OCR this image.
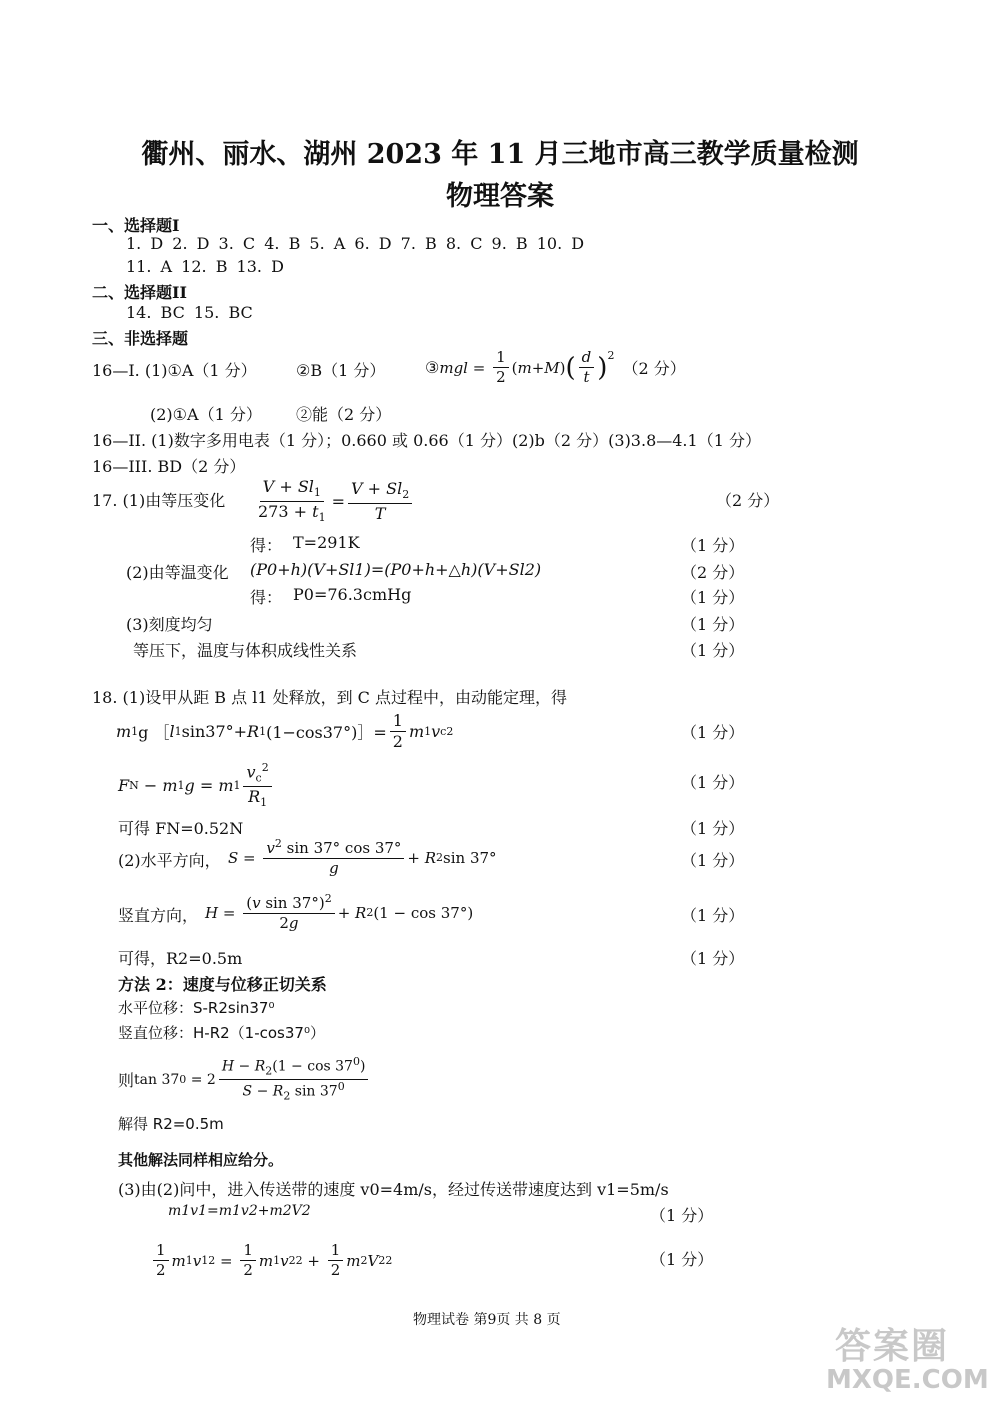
衢州、丽水、湖州 2023 年 11 月三地市高三教学质量检测
物理答案
一、选择题I
1. D 2. D 3. C 4. B 5. A 6. D 7. B 8. C 9. B 10. D
11. A 12. B 13. D
二、选择题II
14. BC 15. BC
三、非选择题
16—I. (1)①A（1 分） ②B（1 分） ③ mgl = $\frac{1}{2}$ ( m + M ) ( $\frac{d}{t} )^2$
（2 分）
(2)①A（1 分） ②能（2 分）
16—II. (1)数字多用电表（1 分）；0.660 或 0.66（1 分）(2)b（2 分）(3)3.8—4.1（1 分）
16—III. BD（2 分）
17. (1)由等压变化 $\frac{V + Sl_1}{273 + t_1} = \frac{V + Sl_2}{T}$	（2 分）
得： T=291K	（1 分）
(2)由等温变化 (P0+h)(V+Sl1)=(P0+h+△h)(V+Sl2)	（2 分）
得： P0=76.3cmHg	（1 分）
(3)刻度均匀	（1 分）
等压下，温度与体积成线性关系	（1 分）
18. (1)设甲从距 B 点 l1 处释放，到 C 点过程中，由动能定理，得
m 1 g ［ l 1 sin37°+ R 1 (1−cos37°)］= $\frac{1}{2}$ m 1 v c 2	（1 分）
F N − m 1 g = m $1 \frac{v_c^2}{R_1}$	（1 分）
可得 FN=0.52N	（1 分）
(2)水平方向， $S = \frac{v^2 \sin 37^\circ \cos 37^\circ}{g} + R$ 2 sin 37°	（1 分）
竖直方向， $H = \frac{(v \sin 37^\circ)^2}{2g} + R$ 2 (1 − cos 37°)	（1 分）
可得，R2=0.5m	（1 分）
方法 2：速度与位移正切关系
水平位移：S-R2sin37⁰
竖直位移：H-R2（1-cos37⁰）
则 tan 37 $0 = 2 \frac{H - R_2(1 - \cos 37^0)}{S - R_2 \sin 37^0}$
解得 R2=0.5m
其他解法同样相应给分。
(3)由(2)问中，进入传送带的速度 v0=4m/s，经过传送带速度达到 v1=5m/s
m1v1=m1v2+m2V2	（1 分）
$\frac{1}{2}$ m 1 v 1 $2 = \frac{1}{2}$ m 1 v 2 $2 + \frac{1}{2}$ m 2 V 2 2	（1 分）
物理试卷 第9页 共 8 页
答案圈
MXQE.COM
